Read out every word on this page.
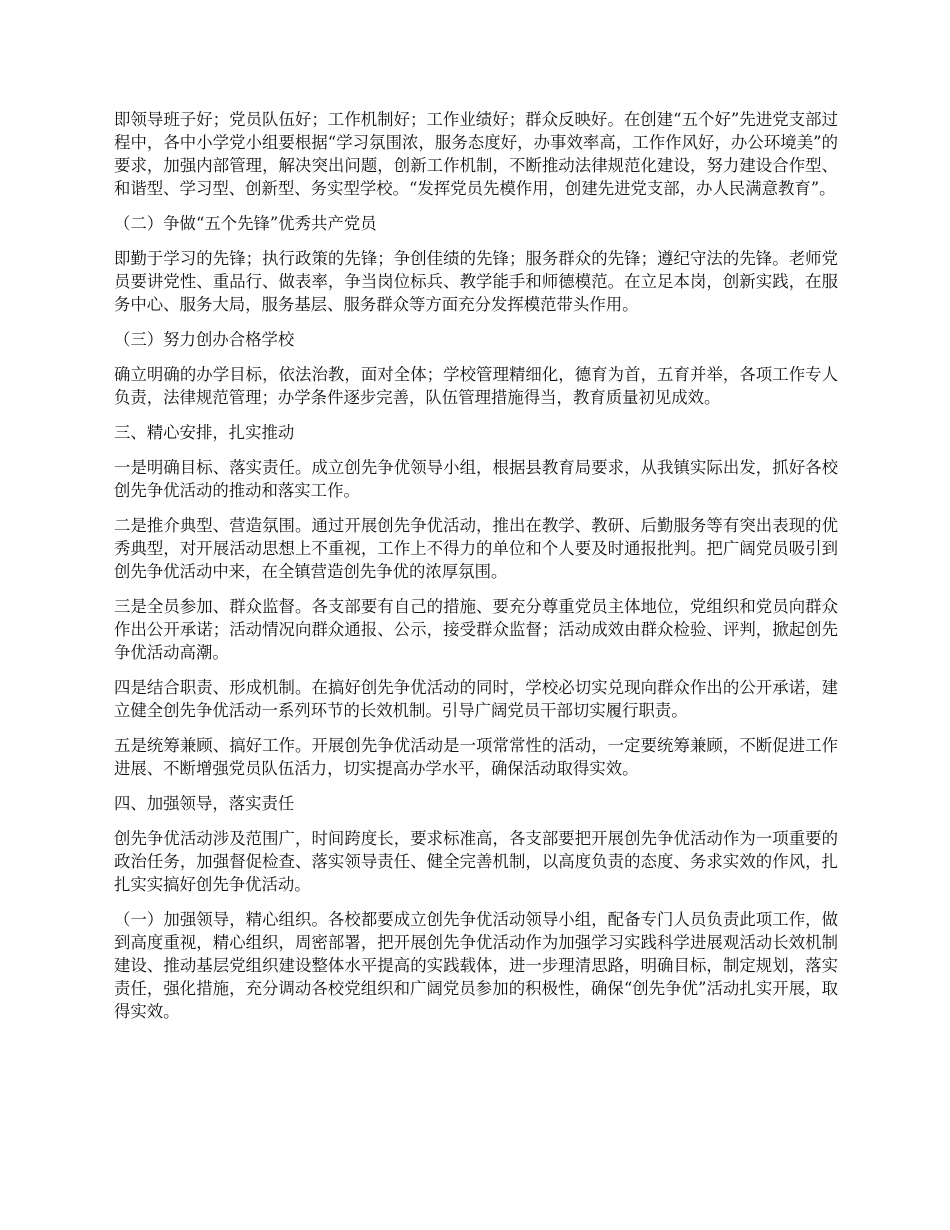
即领导班子好；党员队伍好；工作机制好；工作业绩好；群众反映好。在创建“五个好”先进党支部过程中，各中小学党小组要根据“学习氛围浓，服务态度好，办事效率高，工作作风好，办公环境美”的要求，加强内部管理，解决突出问题，创新工作机制，不断推动法律规范化建设，努力建设合作型、和谐型、学习型、创新型、务实型学校。“发挥党员先模作用，创建先进党支部，办人民满意教育”。

（二）争做“五个先锋”优秀共产党员

即勤于学习的先锋；执行政策的先锋；争创佳绩的先锋；服务群众的先锋；遵纪守法的先锋。老师党员要讲党性、重品行、做表率，争当岗位标兵、教学能手和师德模范。在立足本岗，创新实践，在服务中心、服务大局，服务基层、服务群众等方面充分发挥模范带头作用。

（三）努力创办合格学校

确立明确的办学目标，依法治教，面对全体；学校管理精细化，德育为首，五育并举，各项工作专人负责，法律规范管理；办学条件逐步完善，队伍管理措施得当，教育质量初见成效。

三、精心安排，扎实推动

一是明确目标、落实责任。成立创先争优领导小组，根据县教育局要求，从我镇实际出发，抓好各校创先争优活动的推动和落实工作。

二是推介典型、营造氛围。通过开展创先争优活动，推出在教学、教研、后勤服务等有突出表现的优秀典型，对开展活动思想上不重视，工作上不得力的单位和个人要及时通报批判。把广阔党员吸引到创先争优活动中来，在全镇营造创先争优的浓厚氛围。

三是全员参加、群众监督。各支部要有自己的措施、要充分尊重党员主体地位，党组织和党员向群众作出公开承诺；活动情况向群众通报、公示，接受群众监督；活动成效由群众检验、评判，掀起创先争优活动高潮。

四是结合职责、形成机制。在搞好创先争优活动的同时，学校必切实兑现向群众作出的公开承诺，建立健全创先争优活动一系列环节的长效机制。引导广阔党员干部切实履行职责。

五是统筹兼顾、搞好工作。开展创先争优活动是一项常常性的活动，一定要统筹兼顾，不断促进工作进展、不断增强党员队伍活力，切实提高办学水平，确保活动取得实效。

四、加强领导，落实责任

创先争优活动涉及范围广，时间跨度长，要求标准高，各支部要把开展创先争优活动作为一项重要的政治任务，加强督促检查、落实领导责任、健全完善机制，以高度负责的态度、务求实效的作风，扎扎实实搞好创先争优活动。

（一）加强领导，精心组织。各校都要成立创先争优活动领导小组，配备专门人员负责此项工作，做到高度重视，精心组织，周密部署，把开展创先争优活动作为加强学习实践科学进展观活动长效机制建设、推动基层党组织建设整体水平提高的实践载体，进一步理清思路，明确目标，制定规划，落实责任，强化措施，充分调动各校党组织和广阔党员参加的积极性，确保“创先争优”活动扎实开展，取得实效。
